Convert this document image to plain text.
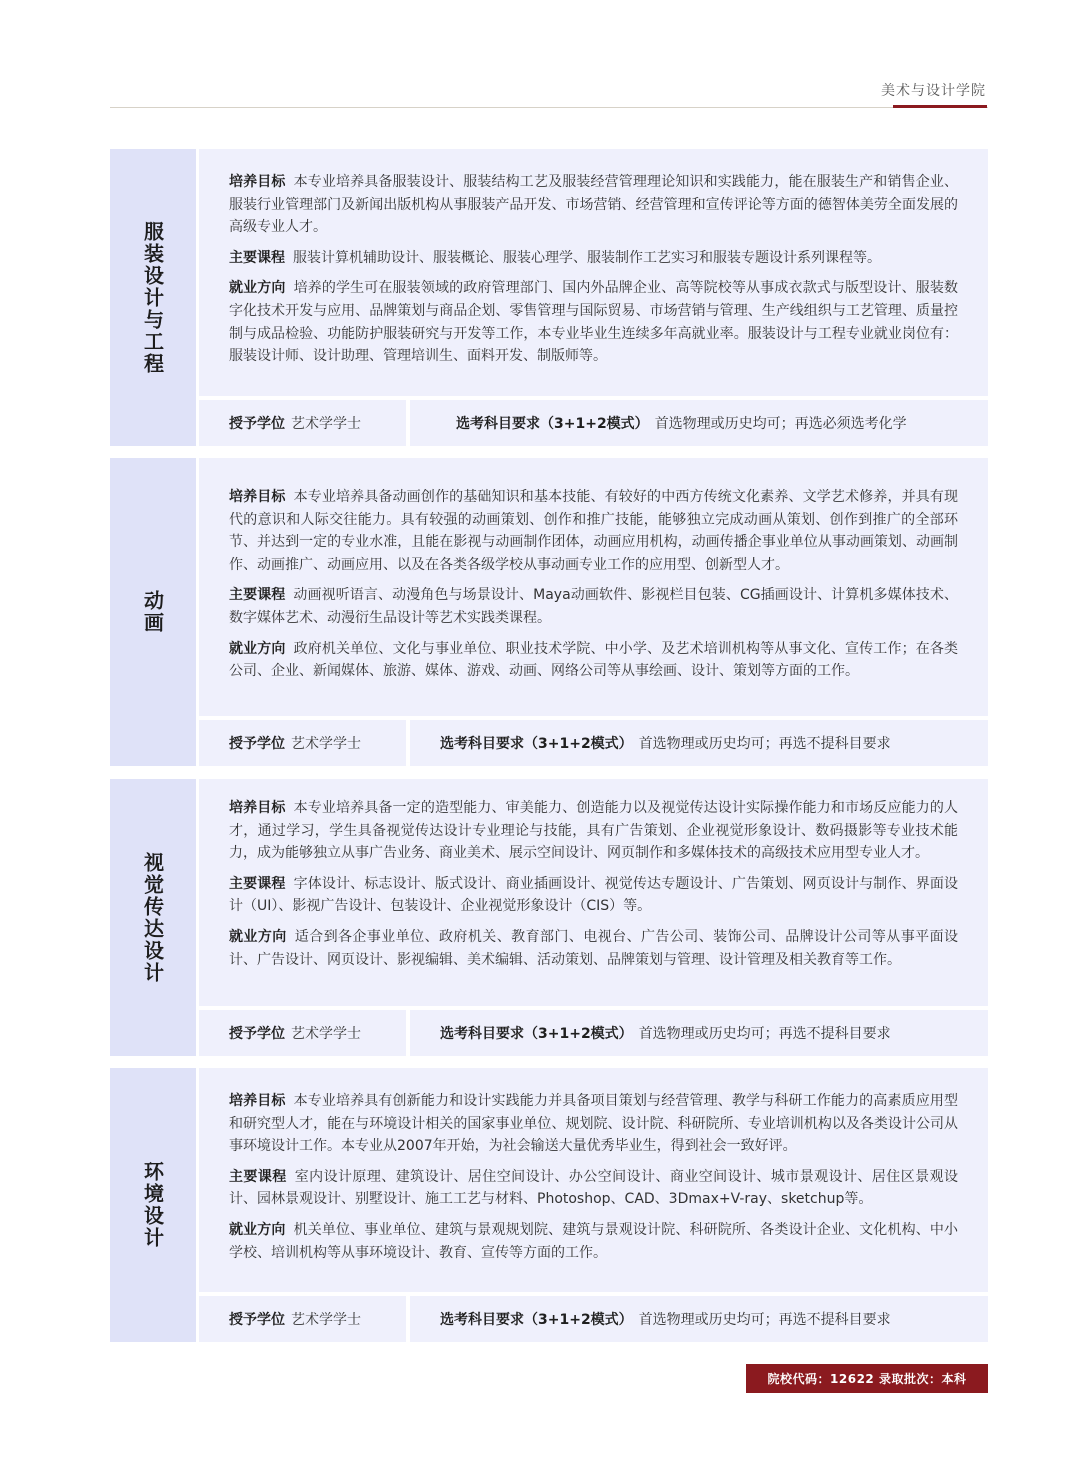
美术与设计学院
服装设计与工程

培养目标 本专业培养具备服装设计、服装结构工艺及服装经营管理理论知识和实践能力，能在服装生产和销售企业、服装行业管理部门及新闻出版机构从事服装产品开发、市场营销、经营管理和宣传评论等方面的德智体美劳全面发展的高级专业人才。

主要课程 服装计算机辅助设计、服装概论、服装心理学、服装制作工艺实习和服装专题设计系列课程等。

就业方向 培养的学生可在服装领域的政府管理部门、国内外品牌企业、高等院校等从事成衣款式与版型设计、服装数字化技术开发与应用、品牌策划与商品企划、零售管理与国际贸易、市场营销与管理、生产线组织与工艺管理、质量控制与成品检验、功能防护服装研究与开发等工作，本专业毕业生连续多年高就业率。服装设计与工程专业就业岗位有：服装设计师、设计助理、管理培训生、面料开发、制版师等。

授予学位 艺术学学士	选考科目要求（3+1+2模式） 首选物理或历史均可；再选必须选考化学
动画

培养目标 本专业培养具备动画创作的基础知识和基本技能、有较好的中西方传统文化素养、文学艺术修养，并具有现代的意识和人际交往能力。具有较强的动画策划、创作和推广技能，能够独立完成动画从策划、创作到推广的全部环节、并达到一定的专业水准，且能在影视与动画制作团体，动画应用机构，动画传播企事业单位从事动画策划、动画制作、动画推广、动画应用、以及在各类各级学校从事动画专业工作的应用型、创新型人才。

主要课程 动画视听语言、动漫角色与场景设计、Maya动画软件、影视栏目包装、CG插画设计、计算机多媒体技术、数字媒体艺术、动漫衍生品设计等艺术实践类课程。

就业方向 政府机关单位、文化与事业单位、职业技术学院、中小学、及艺术培训机构等从事文化、宣传工作；在各类公司、企业、新闻媒体、旅游、媒体、游戏、动画、网络公司等从事绘画、设计、策划等方面的工作。

授予学位 艺术学学士	选考科目要求（3+1+2模式） 首选物理或历史均可；再选不提科目要求
视觉传达设计

培养目标 本专业培养具备一定的造型能力、审美能力、创造能力以及视觉传达设计实际操作能力和市场反应能力的人才，通过学习，学生具备视觉传达设计专业理论与技能，具有广告策划、企业视觉形象设计、数码摄影等专业技术能力，成为能够独立从事广告业务、商业美术、展示空间设计、网页制作和多媒体技术的高级技术应用型专业人才。

主要课程 字体设计、标志设计、版式设计、商业插画设计、视觉传达专题设计、广告策划、网页设计与制作、界面设计（UI）、影视广告设计、包装设计、企业视觉形象设计（CIS）等。

就业方向 适合到各企事业单位、政府机关、教育部门、电视台、广告公司、装饰公司、品牌设计公司等从事平面设计、广告设计、网页设计、影视编辑、美术编辑、活动策划、品牌策划与管理、设计管理及相关教育等工作。

授予学位 艺术学学士	选考科目要求（3+1+2模式） 首选物理或历史均可；再选不提科目要求
环境设计

培养目标 本专业培养具有创新能力和设计实践能力并具备项目策划与经营管理、教学与科研工作能力的高素质应用型和研究型人才，能在与环境设计相关的国家事业单位、规划院、设计院、科研院所、专业培训机构以及各类设计公司从事环境设计工作。本专业从2007年开始，为社会输送大量优秀毕业生，得到社会一致好评。

主要课程 室内设计原理、建筑设计、居住空间设计、办公空间设计、商业空间设计、城市景观设计、居住区景观设计、园林景观设计、别墅设计、施工工艺与材料、Photoshop、CAD、3Dmax+V-ray、sketchup等。

就业方向 机关单位、事业单位、建筑与景观规划院、建筑与景观设计院、科研院所、各类设计企业、文化机构、中小学校、培训机构等从事环境设计、教育、宣传等方面的工作。

授予学位 艺术学学士	选考科目要求（3+1+2模式） 首选物理或历史均可；再选不提科目要求
院校代码：12622 录取批次：本科
